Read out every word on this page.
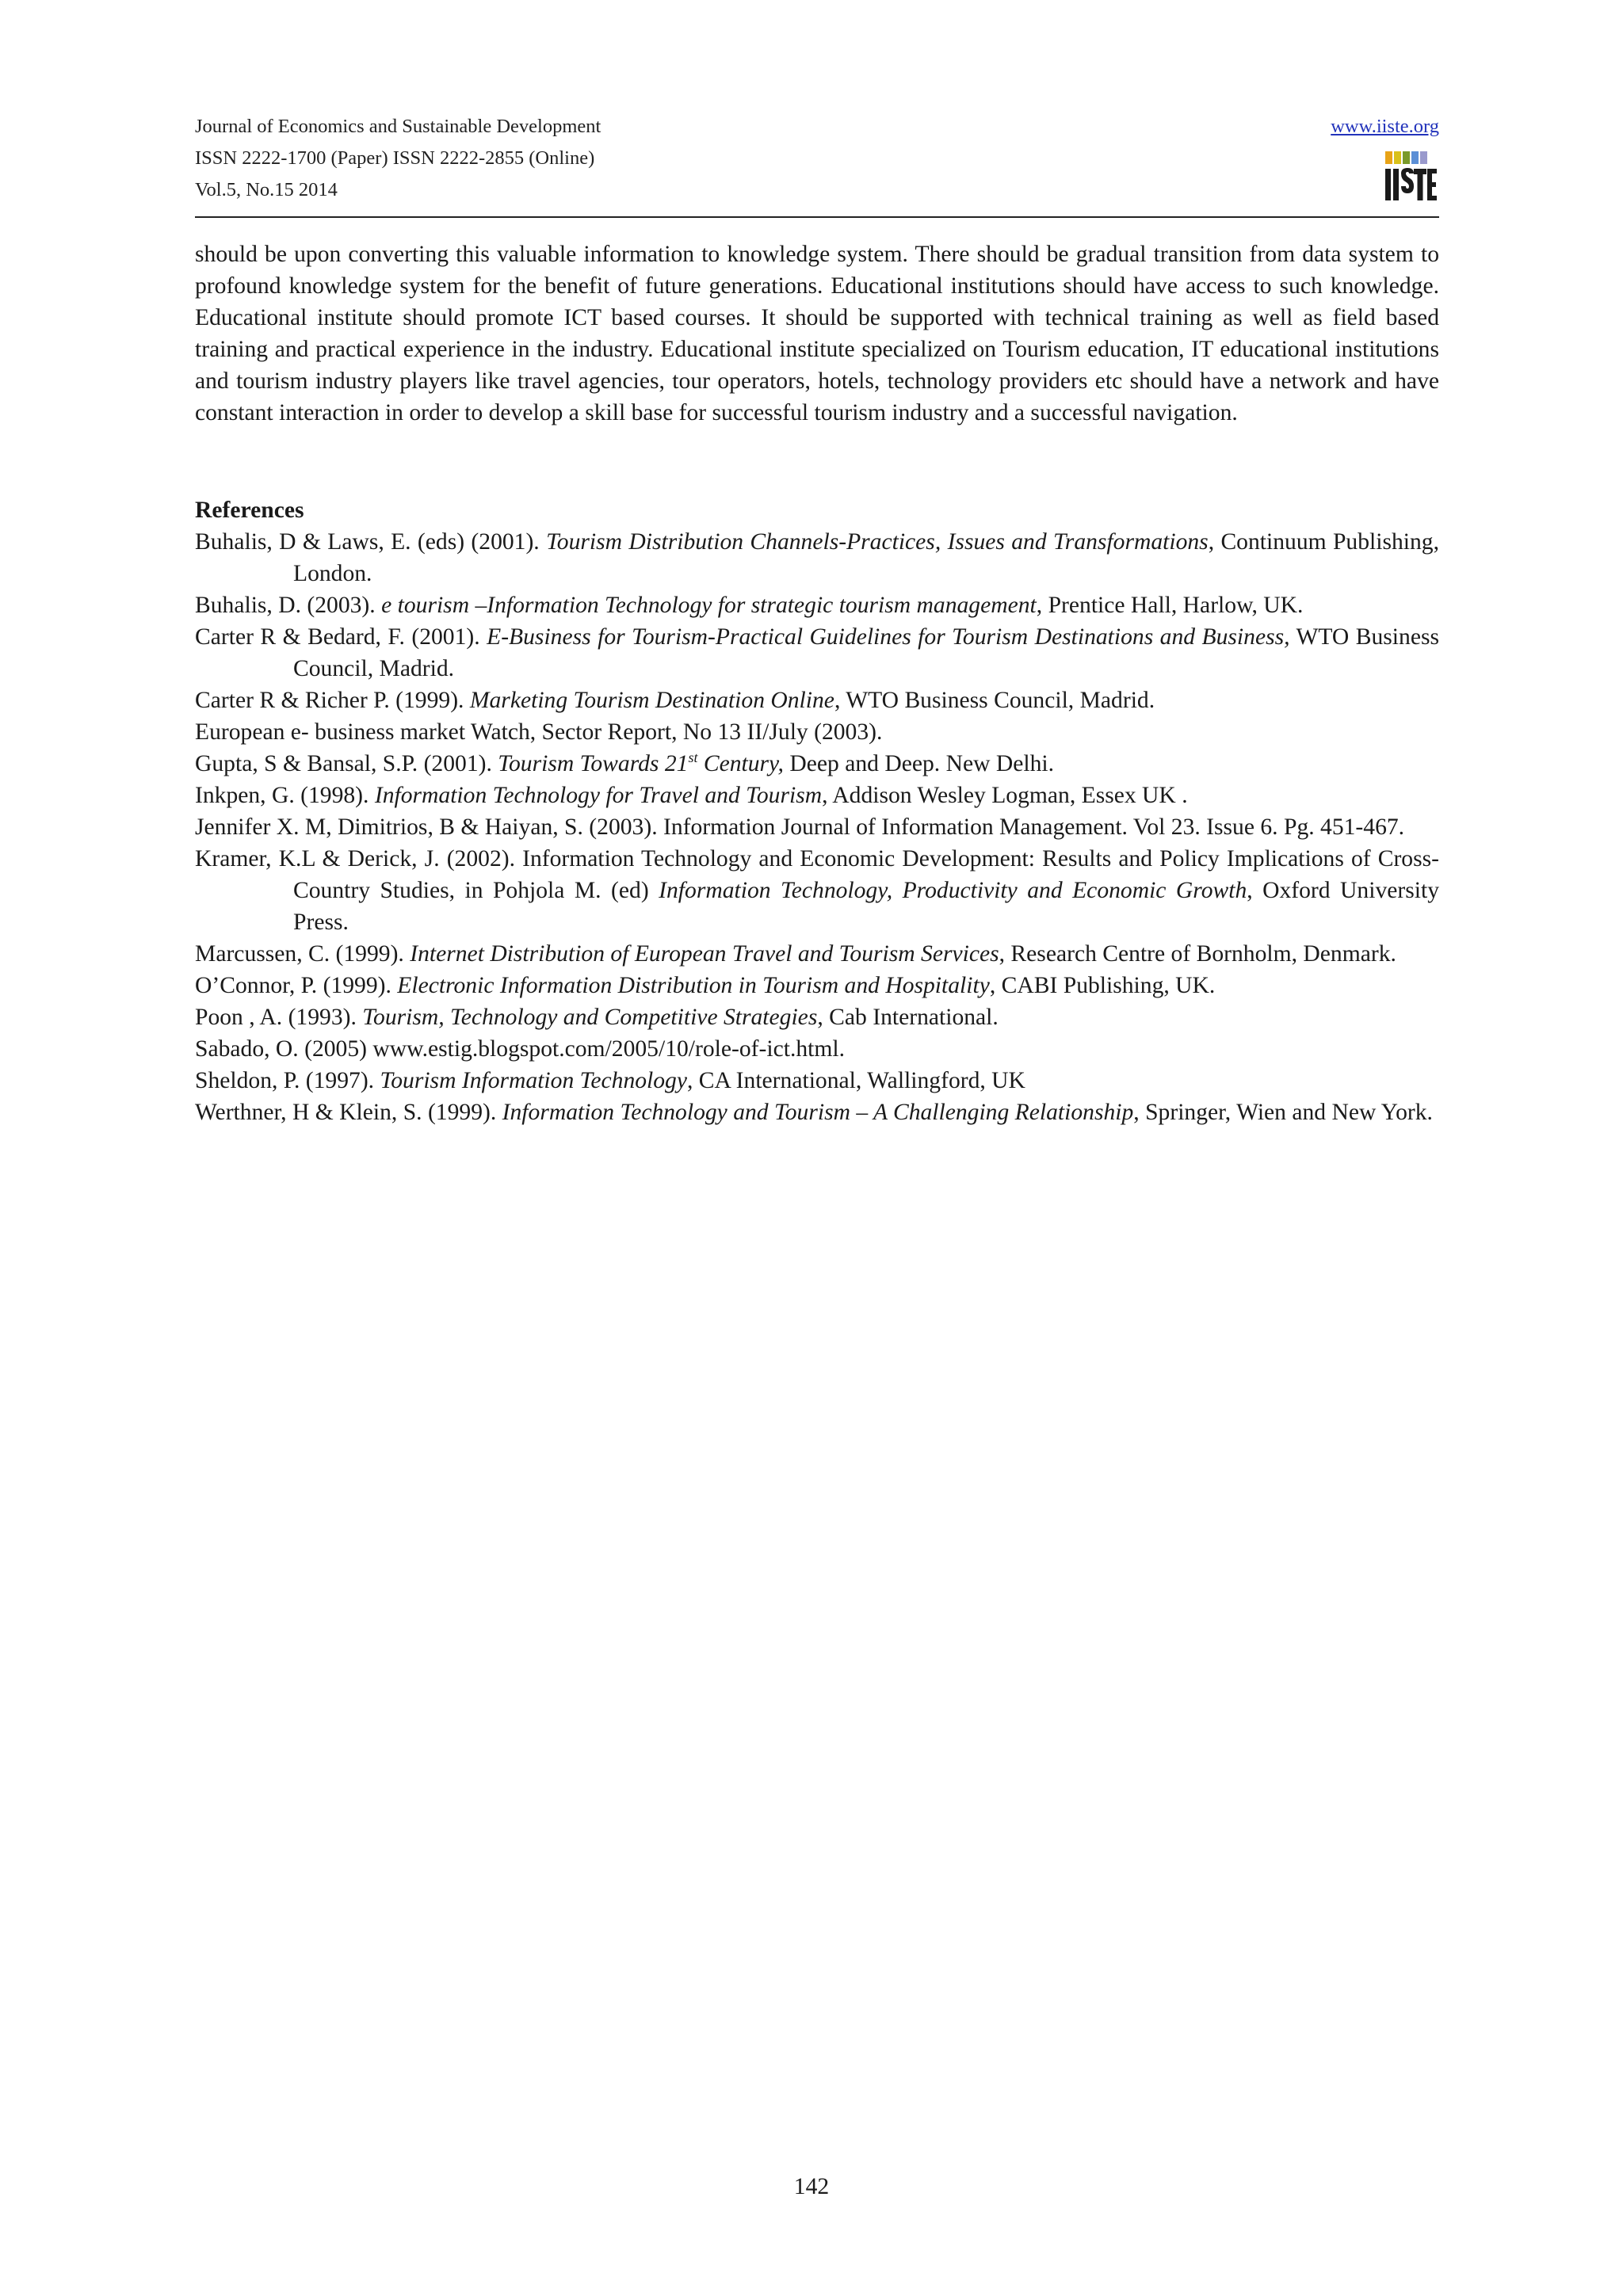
Journal of Economics and Sustainable Development
ISSN 2222-1700 (Paper) ISSN 2222-2855 (Online)
Vol.5, No.15 2014
www.iiste.org

should be upon converting this valuable information to knowledge system. There should be gradual transition from data system to profound knowledge system for the benefit of future generations. Educational institutions should have access to such knowledge. Educational institute should promote ICT based courses. It should be supported with technical training as well as field based training and practical experience in the industry. Educational institute specialized on Tourism education, IT educational institutions and tourism industry players like travel agencies, tour operators, hotels, technology providers etc should have a network and have constant interaction in order to develop a skill base for successful tourism industry and a successful navigation.

References

Buhalis, D & Laws, E. (eds) (2001). Tourism Distribution Channels-Practices, Issues and Transformations, Continuum Publishing, London.
Buhalis, D. (2003). e tourism –Information Technology for strategic tourism management, Prentice Hall, Harlow, UK.
Carter R & Bedard, F. (2001). E-Business for Tourism-Practical Guidelines for Tourism Destinations and Business, WTO Business Council, Madrid.
Carter R & Richer P. (1999). Marketing Tourism Destination Online, WTO Business Council, Madrid.
European e- business market Watch, Sector Report, No 13 II/July (2003).
Gupta, S & Bansal, S.P. (2001). Tourism Towards 21st Century, Deep and Deep. New Delhi.
Inkpen, G. (1998). Information Technology for Travel and Tourism, Addison Wesley Logman, Essex UK .
Jennifer X. M, Dimitrios, B & Haiyan, S. (2003). Information Journal of Information Management. Vol 23. Issue 6. Pg. 451-467.
Kramer, K.L & Derick, J. (2002). Information Technology and Economic Development: Results and Policy Implications of Cross-Country Studies, in Pohjola M. (ed) Information Technology, Productivity and Economic Growth, Oxford University Press.
Marcussen, C. (1999). Internet Distribution of European Travel and Tourism Services, Research Centre of Bornholm, Denmark.
O’Connor, P. (1999). Electronic Information Distribution in Tourism and Hospitality, CABI Publishing, UK.
Poon , A. (1993). Tourism, Technology and Competitive Strategies, Cab International.
Sabado, O. (2005) www.estig.blogspot.com/2005/10/role-of-ict.html.
Sheldon, P. (1997). Tourism Information Technology, CA International, Wallingford, UK
Werthner, H & Klein, S. (1999). Information Technology and Tourism – A Challenging Relationship, Springer, Wien and New York.
142
